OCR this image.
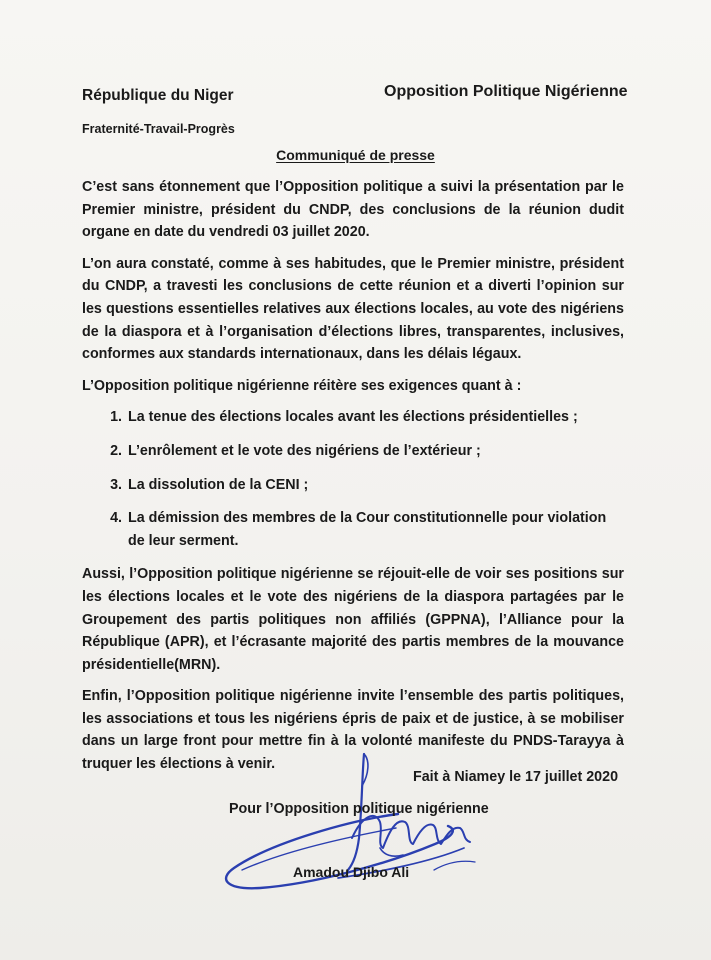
République du Niger
Fraternité-Travail-Progrès
Opposition Politique Nigérienne
Communiqué de presse

C’est sans étonnement que l’Opposition politique a suivi la présentation par le Premier ministre, président du CNDP, des conclusions de la réunion dudit organe en date du vendredi 03 juillet 2020.

L’on aura constaté, comme à ses habitudes, que le Premier ministre, président du CNDP, a travesti les conclusions de cette réunion et a diverti l’opinion sur les questions essentielles relatives aux élections locales, au vote des nigériens de la diaspora et à l’organisation d’élections libres, transparentes, inclusives, conformes aux standards internationaux, dans les délais légaux.

L’Opposition politique nigérienne réitère ses exigences quant à :

1. La tenue des élections locales avant les élections présidentielles ;
2. L’enrôlement et le vote des nigériens de l’extérieur ;
3. La dissolution de la CENI ;
4. La démission des membres de la Cour constitutionnelle pour violation de leur serment.

Aussi, l’Opposition politique nigérienne se réjouit-elle de voir ses positions sur les élections locales et le vote des nigériens de la diaspora partagées par le Groupement des partis politiques non affiliés (GPPNA), l’Alliance pour la République (APR), et l’écrasante majorité des partis membres de la mouvance présidentielle(MRN).

Enfin, l’Opposition politique nigérienne invite l’ensemble des partis politiques, les associations et tous les nigériens épris de paix et de justice, à se mobiliser dans un large front pour mettre fin à la volonté manifeste du PNDS-Tarayya à truquer les élections à venir.

Fait à Niamey le 17 juillet 2020
Pour l’Opposition politique nigérienne
Amadou Djibo Ali
